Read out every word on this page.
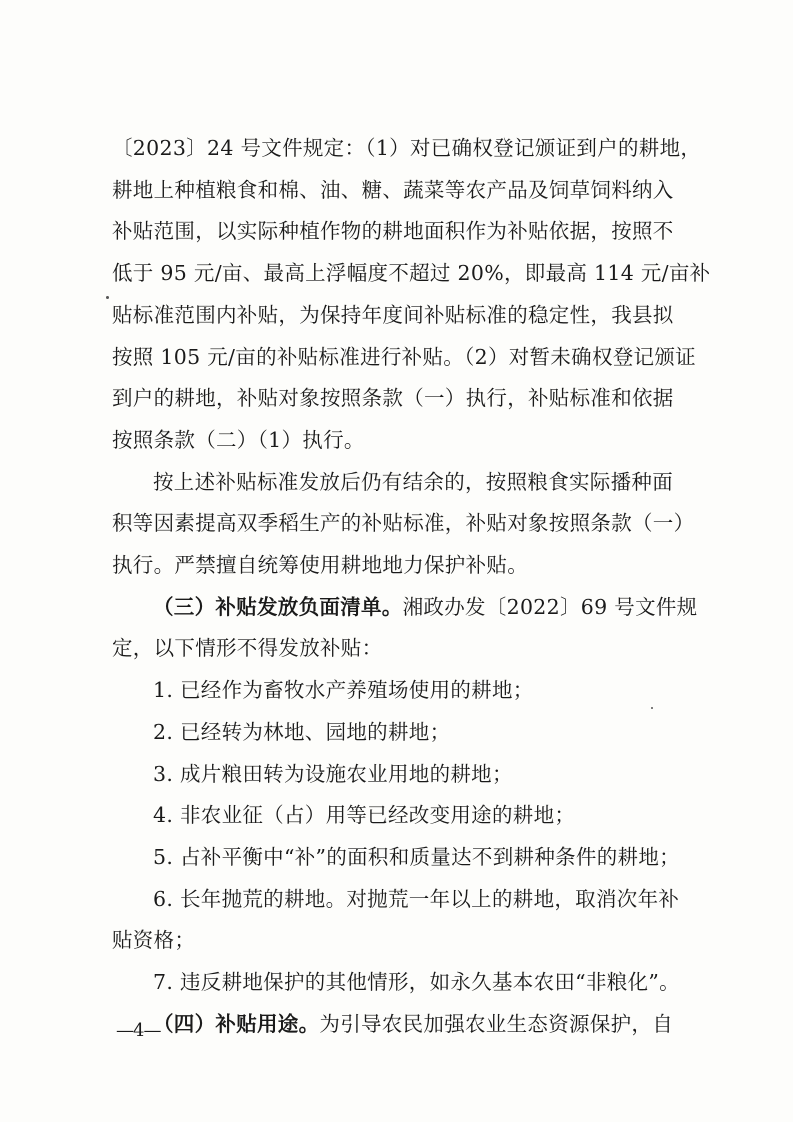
〔2023〕24 号文件规定：（1）对已确权登记颁证到户的耕地，
耕地上种植粮食和棉、油、糖、蔬菜等农产品及饲草饲料纳入
补贴范围，以实际种植作物的耕地面积作为补贴依据，按照不
低于 95 元/亩、最高上浮幅度不超过 20%，即最高 114 元/亩补
贴标准范围内补贴，为保持年度间补贴标准的稳定性，我县拟
按照 105 元/亩的补贴标准进行补贴。（2）对暂未确权登记颁证
到户的耕地，补贴对象按照条款（一）执行，补贴标准和依据
按照条款（二）（1）执行。

按上述补贴标准发放后仍有结余的，按照粮食实际播种面
积等因素提高双季稻生产的补贴标准，补贴对象按照条款（一）
执行。严禁擅自统筹使用耕地地力保护补贴。

（三）补贴发放负面清单。湘政办发〔2022〕69 号文件规
定，以下情形不得发放补贴：

1. 已经作为畜牧水产养殖场使用的耕地；

2. 已经转为林地、园地的耕地；

3. 成片粮田转为设施农业用地的耕地；

4. 非农业征（占）用等已经改变用途的耕地；

5. 占补平衡中“补”的面积和质量达不到耕种条件的耕地；

6. 长年抛荒的耕地。对抛荒一年以上的耕地，取消次年补
贴资格；

7. 违反耕地保护的其他情形，如永久基本农田“非粮化”。

（四）补贴用途。为引导农民加强农业生态资源保护，自

—4—
